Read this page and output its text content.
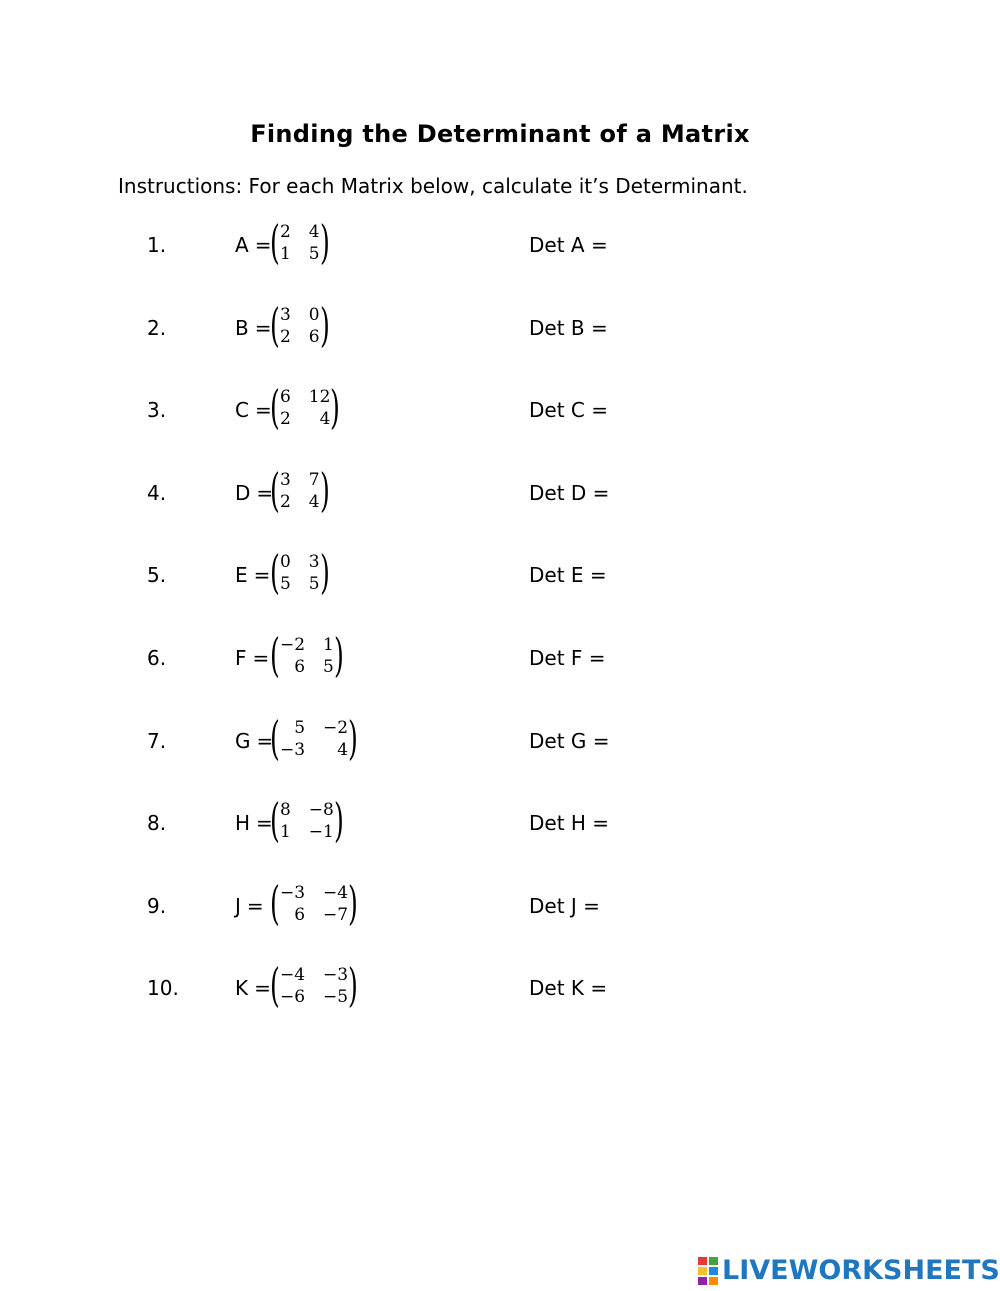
Finding the Determinant of a Matrix
Instructions: For each Matrix below, calculate it’s Determinant.
1.	A =
( 2 4
1 5 )	Det A =
2.	B =
( 3 0
2 6 )	Det B =
3.	C =
( 6 12
2	4 )	Det C =
4.	D =
( 3 7
2 4 )	Det D =
5.	E = ( 0 3
5 5 )	Det E =
6.	F = ( −2 1
6 5 )	Det F =
7.	G =
( 5 −2
−3	4 )	Det G =
8.	H =
( 8 −8
1 −1 )	Det H =
9.	J = ( −3 −4
6 −7 )	Det J =
10.	K = ( −4 −3
−6 −5 )	Det K =
LIVEWORKSHEETS
